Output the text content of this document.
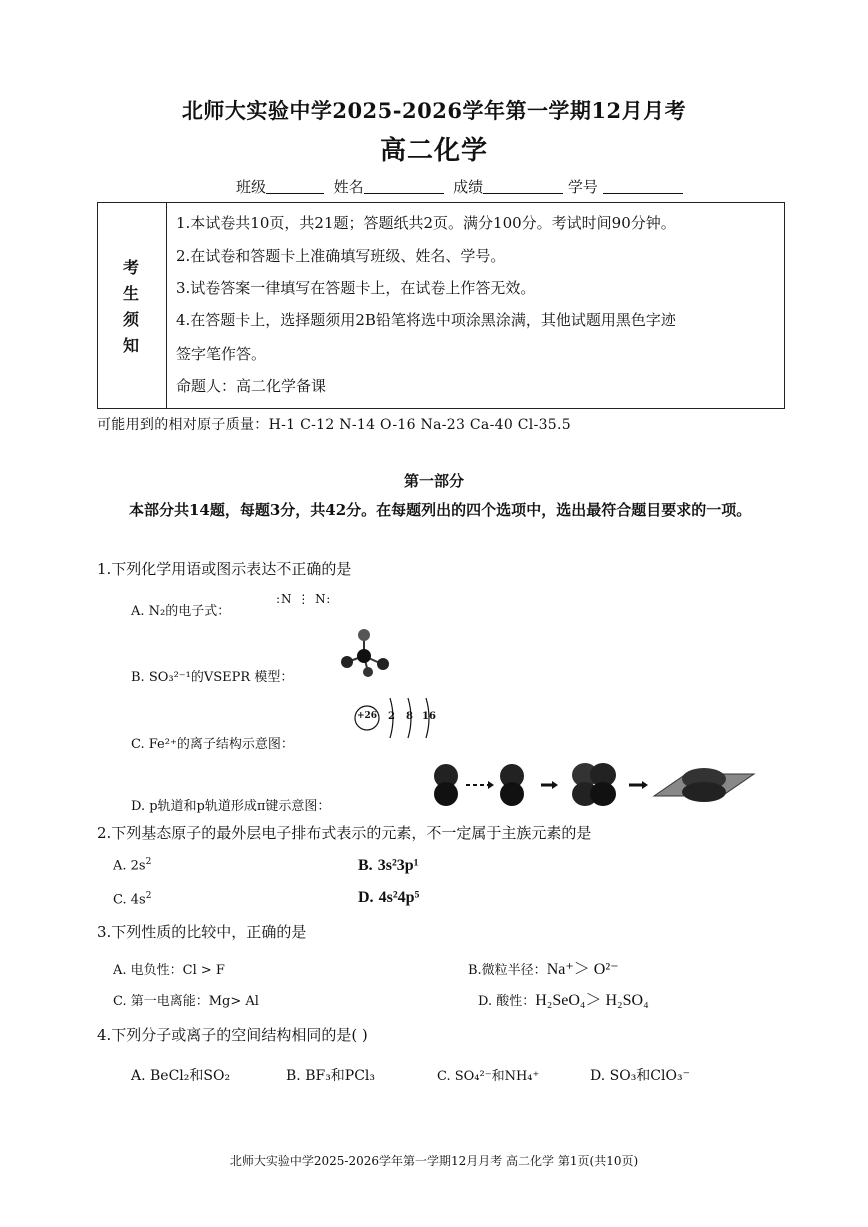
北师大实验中学2025-2026学年第一学期12月月考
高二化学
班级	姓名	成绩	学号
考
生
须
知
1.本试卷共10页，共21题；答题纸共2页。满分100分。考试时间90分钟。
2.在试卷和答题卡上准确填写班级、姓名、学号。
3.试卷答案一律填写在答题卡上，在试卷上作答无效。
4.在答题卡上，选择题须用2B铅笔将选中项涂黑涂满，其他试题用黑色字迹
签字笔作答。
命题人：高二化学备课
可能用到的相对原子质量：H-1 C-12 N-14 O-16 Na-23 Ca-40 Cl-35.5
第一部分
本部分共14题，每题3分，共42分。在每题列出的四个选项中，选出最符合题目要求的一项。
1.下列化学用语或图示表达不正确的是
A. N₂的电子式：
:N ⋮ N:
B. SO₃²⁻¹的VSEPR 模型：
C. Fe²⁺的离子结构示意图：
+26 2 8 16
D. p轨道和p轨道形成π键示意图：
2.下列基态原子的最外层电子排布式表示的元素，不一定属于主族元素的是
A. $2s^2$	B. 3s²3p¹
C. $4s^2$	D. 4s²4p⁵
3.下列性质的比较中，正确的是
A. 电负性：Cl > F	B.微粒半径：Na⁺＞ O²⁻
C. 第一电离能：Mg> Al	D. 酸性：H₂SeO₄＞ H₂SO₄
4.下列分子或离子的空间结构相同的是( )
A. BeCl₂和SO₂	B. BF₃和PCl₃	C. SO₄²⁻和NH₄⁺	D. SO₃和ClO₃⁻
北师大实验中学2025-2026学年第一学期12月月考 高二化学 第1页(共10页)
